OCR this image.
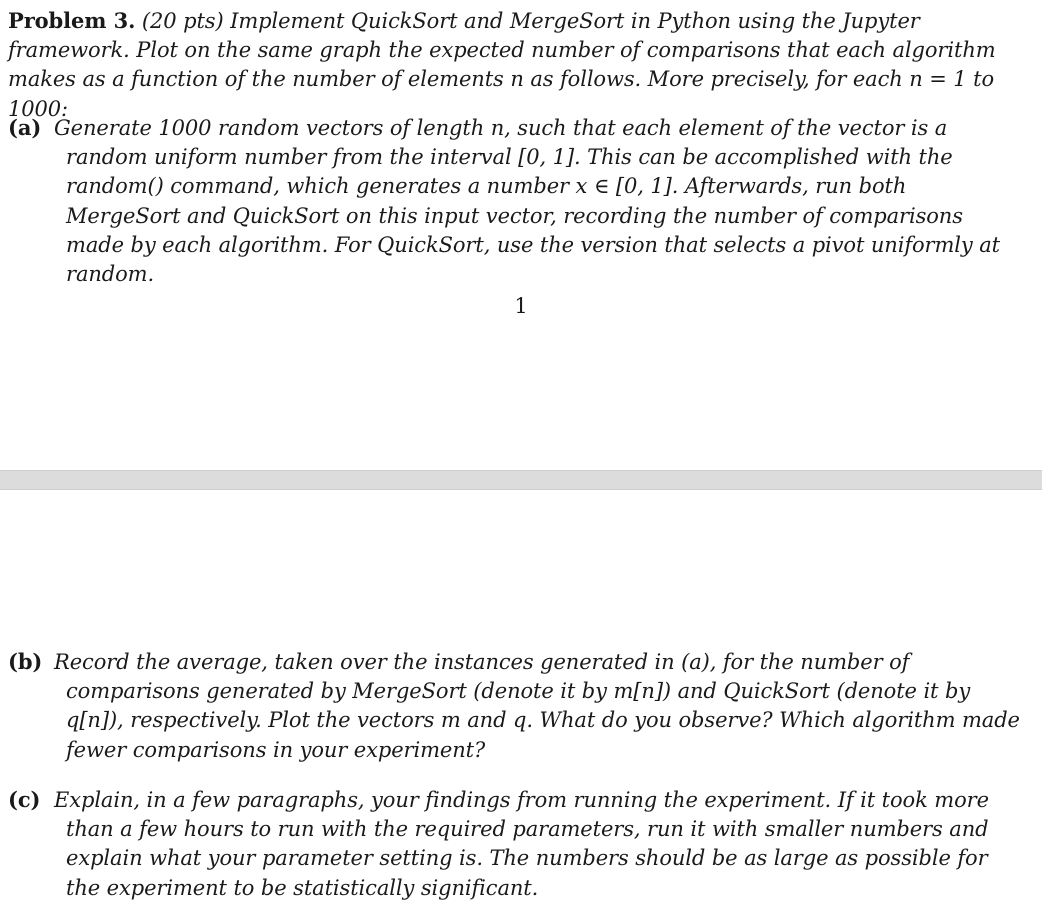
Problem 3. (20 pts) Implement QuickSort and MergeSort in Python using the Jupyter framework. Plot on the same graph the expected number of comparisons that each algorithm makes as a function of the number of elements n as follows. More precisely, for each n = 1 to 1000:
(a) Generate 1000 random vectors of length n, such that each element of the vector is a random uniform number from the interval [0, 1]. This can be accomplished with the random() command, which generates a number x ∈ [0, 1]. Afterwards, run both MergeSort and QuickSort on this input vector, recording the number of comparisons made by each algorithm. For QuickSort, use the version that selects a pivot uniformly at random.
1
(b) Record the average, taken over the instances generated in (a), for the number of comparisons generated by MergeSort (denote it by m[n]) and QuickSort (denote it by q[n]), respectively. Plot the vectors m and q. What do you observe? Which algorithm made fewer comparisons in your experiment?
(c) Explain, in a few paragraphs, your findings from running the experiment. If it took more than a few hours to run with the required parameters, run it with smaller numbers and explain what your parameter setting is. The numbers should be as large as possible for the experiment to be statistically significant.
